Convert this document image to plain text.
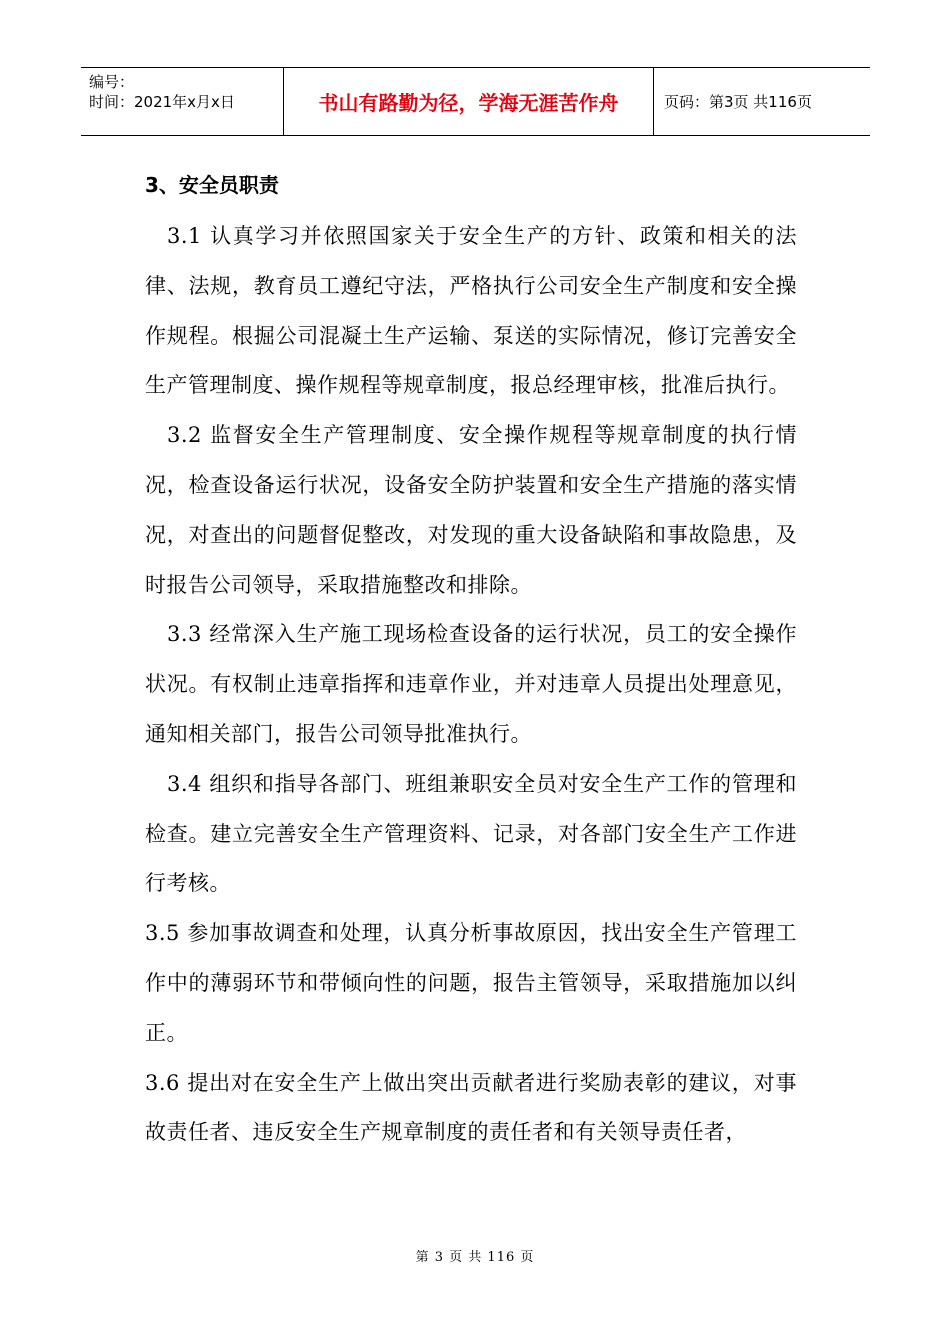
编号：
时间：2021年x月x日	书山有路勤为径，学海无涯苦作舟	页码：第3页 共116页
3、安全员职责

3.1 认真学习并依照国家关于安全生产的方针、政策和相关的法律、法规，教育员工遵纪守法，严格执行公司安全生产制度和安全操作规程。根掘公司混凝土生产运输、泵送的实际情况，修订完善安全生产管理制度、操作规程等规章制度，报总经理审核，批准后执行。

3.2 监督安全生产管理制度、安全操作规程等规章制度的执行情况，检查设备运行状况，设备安全防护装置和安全生产措施的落实情况，对查出的问题督促整改，对发现的重大设备缺陷和事故隐患，及时报告公司领导，采取措施整改和排除。

3.3 经常深入生产施工现场检查设备的运行状况，员工的安全操作状况。有权制止违章指挥和违章作业，并对违章人员提出处理意见，通知相关部门，报告公司领导批准执行。

3.4 组织和指导各部门、班组兼职安全员对安全生产工作的管理和检查。建立完善安全生产管理资料、记录，对各部门安全生产工作进行考核。

3.5 参加事故调查和处理，认真分析事故原因，找出安全生产管理工作中的薄弱环节和带倾向性的问题，报告主管领导，采取措施加以纠正。

3.6 提出对在安全生产上做出突出贡献者进行奖励表彰的建议，对事故责任者、违反安全生产规章制度的责任者和有关领导责任者，

第 3 页 共 116 页
